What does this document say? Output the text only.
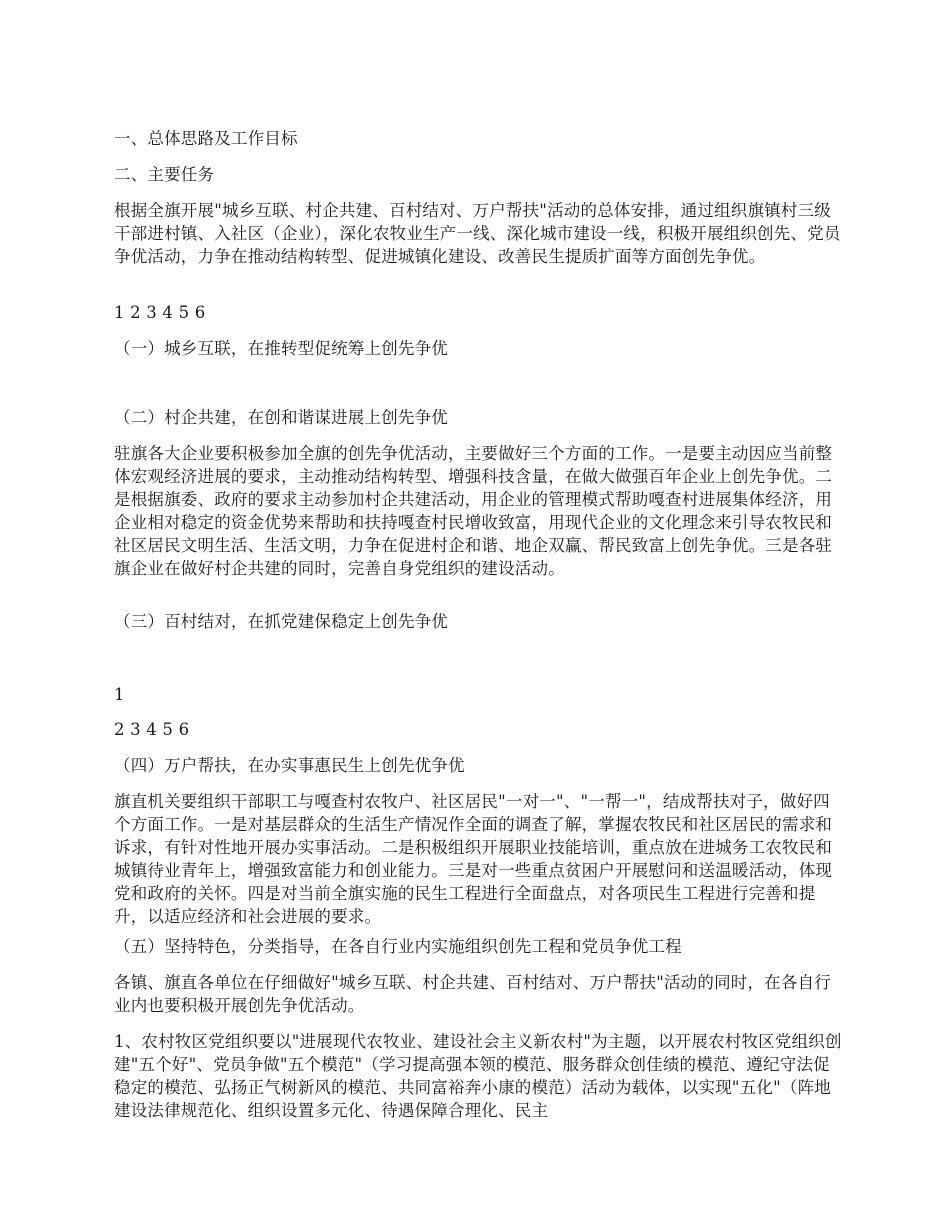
一、总体思路及工作目标

二、主要任务

根据全旗开展"城乡互联、村企共建、百村结对、万户帮扶"活动的总体安排，通过组织旗镇村三级干部进村镇、入社区（企业），深化农牧业生产一线、深化城市建设一线，积极开展组织创先、党员争优活动，力争在推动结构转型、促进城镇化建设、改善民生提质扩面等方面创先争优。

1 2 3 4 5 6

（一）城乡互联，在推转型促统筹上创先争优

（二）村企共建，在创和谐谋进展上创先争优

驻旗各大企业要积极参加全旗的创先争优活动，主要做好三个方面的工作。一是要主动因应当前整体宏观经济进展的要求，主动推动结构转型、增强科技含量，在做大做强百年企业上创先争优。二是根据旗委、政府的要求主动参加村企共建活动，用企业的管理模式帮助嘎查村进展集体经济，用企业相对稳定的资金优势来帮助和扶持嘎查村民增收致富，用现代企业的文化理念来引导农牧民和社区居民文明生活、生活文明，力争在促进村企和谐、地企双赢、帮民致富上创先争优。三是各驻旗企业在做好村企共建的同时，完善自身党组织的建设活动。

（三）百村结对，在抓党建保稳定上创先争优

1

2 3 4 5 6

（四）万户帮扶，在办实事惠民生上创先优争优

旗直机关要组织干部职工与嘎查村农牧户、社区居民"一对一"、"一帮一"，结成帮扶对子，做好四个方面工作。一是对基层群众的生活生产情况作全面的调查了解，掌握农牧民和社区居民的需求和诉求，有针对性地开展办实事活动。二是积极组织开展职业技能培训，重点放在进城务工农牧民和城镇待业青年上，增强致富能力和创业能力。三是对一些重点贫困户开展慰问和送温暖活动，体现党和政府的关怀。四是对当前全旗实施的民生工程进行全面盘点，对各项民生工程进行完善和提升，以适应经济和社会进展的要求。

（五）坚持特色，分类指导，在各自行业内实施组织创先工程和党员争优工程

各镇、旗直各单位在仔细做好"城乡互联、村企共建、百村结对、万户帮扶"活动的同时，在各自行业内也要积极开展创先争优活动。

1、农村牧区党组织要以"进展现代农牧业、建设社会主义新农村"为主题，以开展农村牧区党组织创建"五个好"、党员争做"五个模范"（学习提高强本领的模范、服务群众创佳绩的模范、遵纪守法促稳定的模范、弘扬正气树新风的模范、共同富裕奔小康的模范）活动为载体，以实现"五化"（阵地建设法律规范化、组织设置多元化、待遇保障合理化、民主
